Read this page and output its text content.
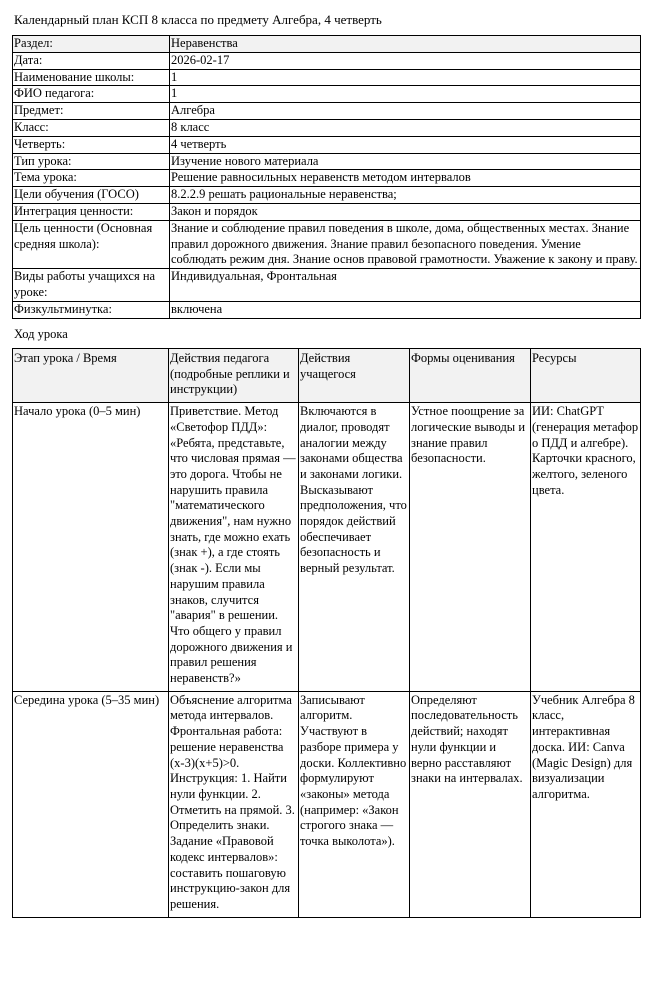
Календарный план КСП 8 класса по предмету Алгебра, 4 четверть
Раздел:	Неравенства
Дата:	2026-02-17
Наименование школы:	1
ФИО педагога:	1
Предмет:	Алгебра
Класс:	8 класс
Четверть:	4 четверть
Тип урока:	Изучение нового материала
Тема урока:	Решение равносильных неравенств методом интервалов
Цели обучения (ГОСО)	8.2.2.9 решать рациональные неравенства;
Интеграция ценности:	Закон и порядок
Цель ценности (Основная средняя школа):	Знание и соблюдение правил поведения в школе, дома, общественных местах. Знание правил дорожного движения. Знание правил безопасного поведения. Умение соблюдать режим дня. Знание основ правовой грамотности. Уважение к закону и праву.
Виды работы учащихся на уроке:	Индивидуальная, Фронтальная
Физкультминутка:	включена
Ход урока
Этап урока / Время	Действия педагога (подробные реплики и инструкции)	Действия учащегося	Формы оценивания	Ресурсы
Начало урока (0–5 мин)	Приветствие. Метод «Светофор ПДД»: «Ребята, представьте, что числовая прямая — это дорога. Чтобы не нарушить правила "математического движения", нам нужно знать, где можно ехать (знак +), а где стоять (знак -). Если мы нарушим правила знаков, случится "авария" в решении. Что общего у правил дорожного движения и правил решения неравенств?»	Включаются в диалог, проводят аналогии между законами общества и законами логики. Высказывают предположения, что порядок действий обеспечивает безопасность и верный результат.	Устное поощрение за логические выводы и знание правил безопасности.	ИИ: ChatGPT (генерация метафор о ПДД и алгебре). Карточки красного, желтого, зеленого цвета.
Середина урока (5–35 мин)	Объяснение алгоритма метода интервалов. Фронтальная работа: решение неравенства (x-3)(x+5)>0. Инструкция: 1. Найти нули функции. 2. Отметить на прямой. 3. Определить знаки. Задание «Правовой кодекс интервалов»: составить пошаговую инструкцию-закон для решения.	Записывают алгоритм. Участвуют в разборе примера у доски. Коллективно формулируют «законы» метода (например: «Закон строгого знака — точка выколота»).	Определяют последовательность действий; находят нули функции и верно расставляют знаки на интервалах.	Учебник Алгебра 8 класс, интерактивная доска. ИИ: Canva (Magic Design) для визуализации алгоритма.
